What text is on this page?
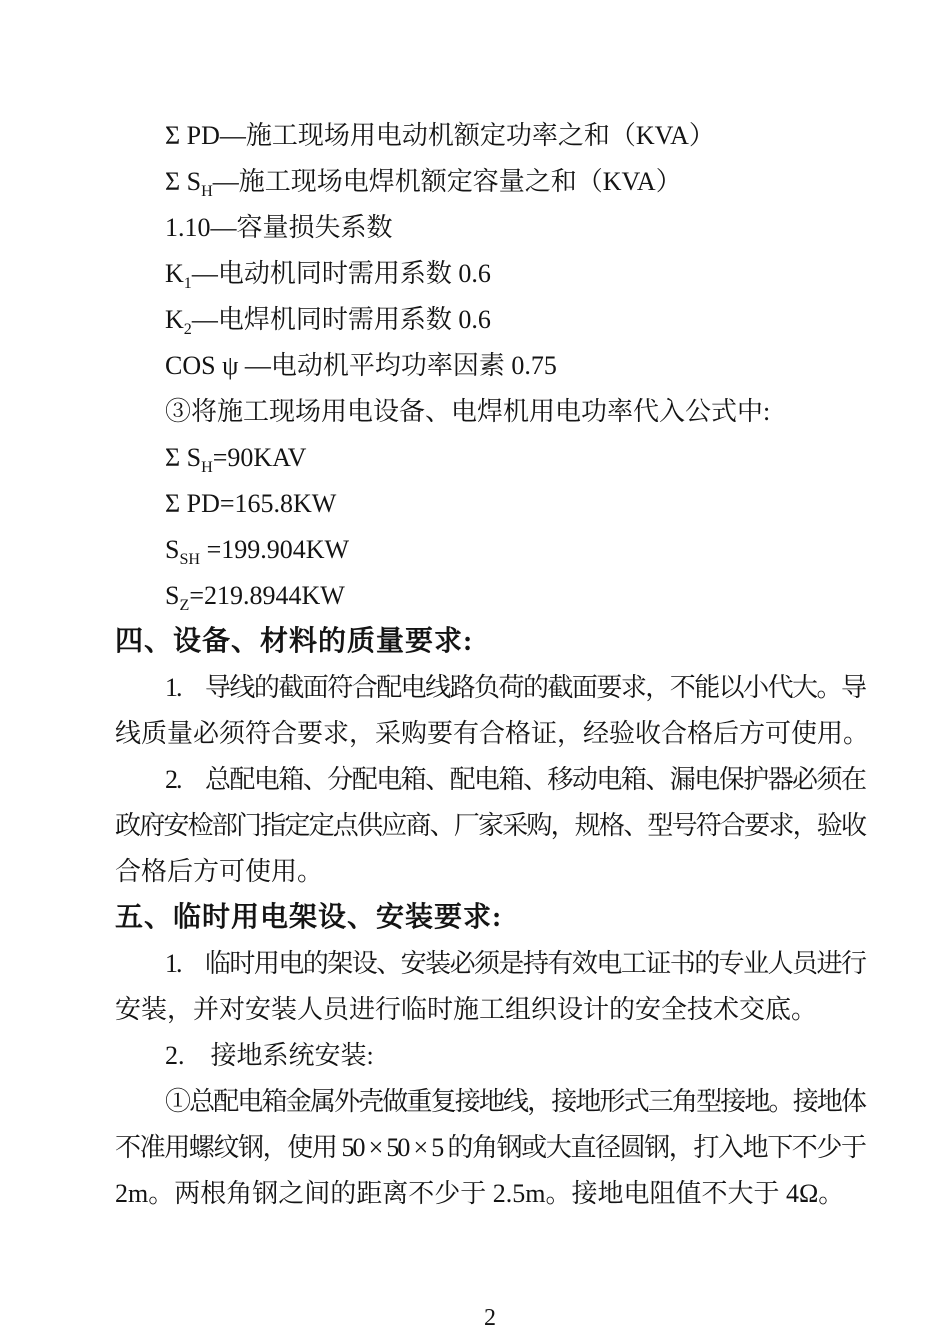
Σ PD—施工现场用电动机额定功率之和（KVA）
Σ $S_H—$施工现场电焊机额定容量之和（KVA）
1.10—容量损失系数
$K_1—$电动机同时需用系数 0.6
$K_2—$电焊机同时需用系数 0.6
COS ψ —电动机平均功率因素 0.75
③将施工现场用电设备、电焊机用电功率代入公式中:
Σ $S_H=90KAV$
Σ PD=165.8KW
$S_{SH} =199.904KW$
$S_Z=219.8944KW$
四、设备、材料的质量要求:
1. 导线的截面符合配电线路负荷的截面要求，不能以小代大。导
线质量必须符合要求，采购要有合格证，经验收合格后方可使用。
2. 总配电箱、分配电箱、配电箱、移动电箱、漏电保护器必须在
政府安检部门指定定点供应商、厂家采购，规格、型号符合要求，验收
合格后方可使用。
五、临时用电架设、安装要求:
1. 临时用电的架设、安装必须是持有效电工证书的专业人员进行
安装，并对安装人员进行临时施工组织设计的安全技术交底。
2. 接地系统安装:
①总配电箱金属外壳做重复接地线，接地形式三角型接地。接地体
不准用螺纹钢，使用 50 × 50 × 5 的角钢或大直径圆钢，打入地下不少于
2m。两根角钢之间的距离不少于 2.5m。接地电阻值不大于 4Ω。
2
